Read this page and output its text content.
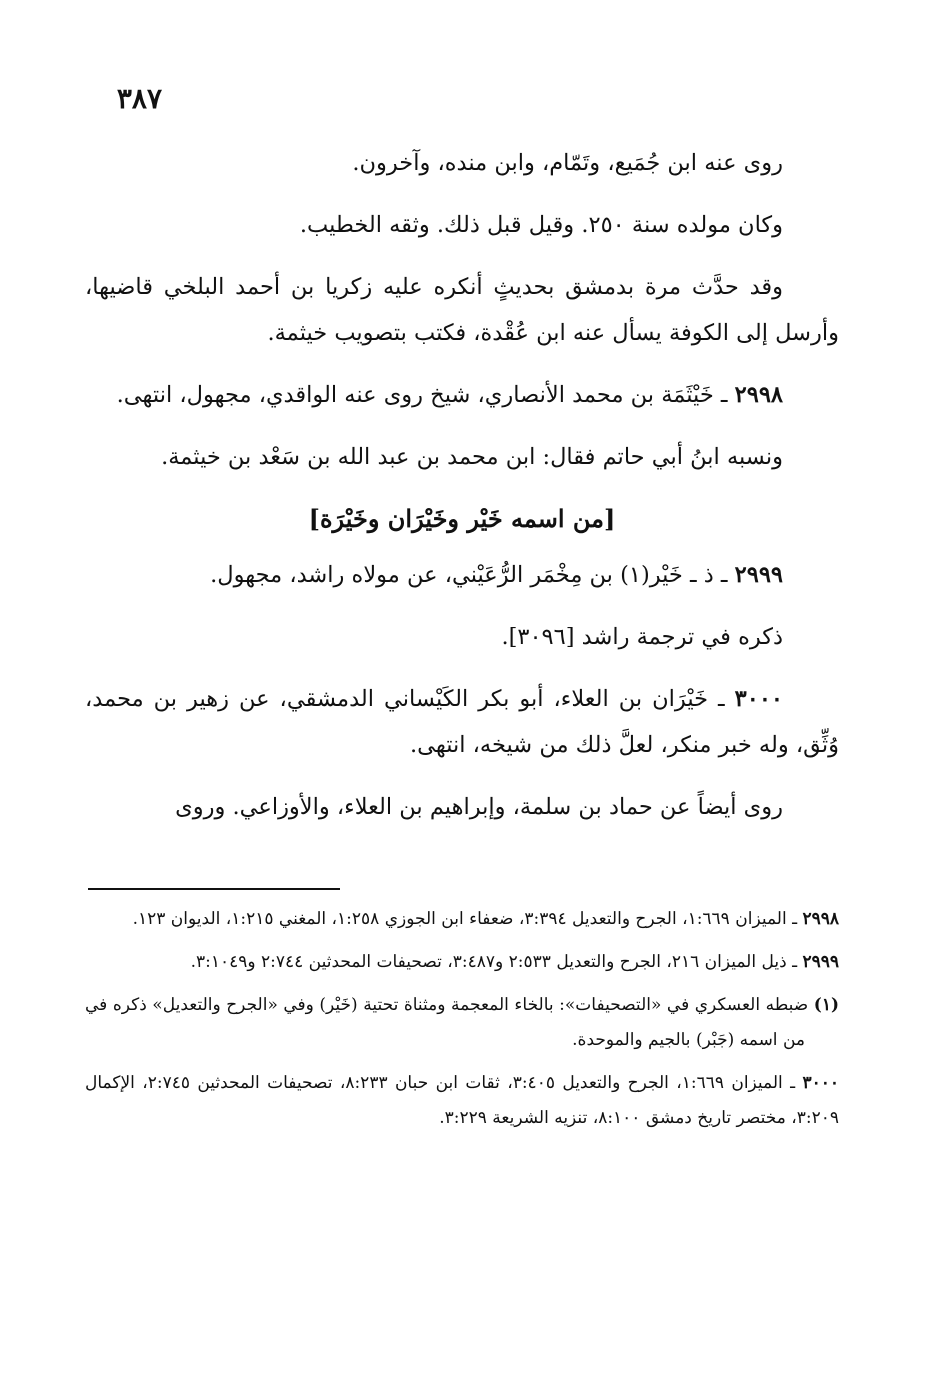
٣٨٧

روى عنه ابن جُمَيع، وتَمّام، وابن منده، وآخرون.

وكان مولده سنة ٢٥٠. وقيل قبل ذلك. وثقه الخطيب.

وقد حدَّث مرة بدمشق بحديثٍ أنكره عليه زكريا بن أحمد البلخي قاضيها، وأرسل إلى الكوفة يسأل عنه ابن عُقْدة، فكتب بتصويب خيثمة.

٢٩٩٨ ـ خَيْثَمَة بن محمد الأنصاري، شيخ روى عنه الواقدي، مجهول، انتهى.

ونسبه ابنُ أبي حاتم فقال: ابن محمد بن عبد الله بن سَعْد بن خيثمة.

[من اسمه خَيْر وخَيْرَان وخَيْرَة]

٢٩٩٩ ـ ذ ـ خَيْر(١) بن مِخْمَر الرُّعَيْني، عن مولاه راشد، مجهول.

ذكره في ترجمة راشد [٣٠٩٦].

٣٠٠٠ ـ خَيْرَان بن العلاء، أبو بكر الكَيْساني الدمشقي، عن زهير بن محمد، وُثِّق، وله خبر منكر، لعلَّ ذلك من شيخه، انتهى.

روى أيضاً عن حماد بن سلمة، وإبراهيم بن العلاء، والأوزاعي. وروى

٢٩٩٨ ـ الميزان ١:٦٦٩، الجرح والتعديل ٣:٣٩٤، ضعفاء ابن الجوزي ١:٢٥٨، المغني ١:٢١٥، الديوان ١٢٣.

٢٩٩٩ ـ ذيل الميزان ٢١٦، الجرح والتعديل ٢:٥٣٣ و٣:٤٨٧، تصحيفات المحدثين ٢:٧٤٤ و٣:١٠٤٩.

(١) ضبطه العسكري في «التصحيفات»: بالخاء المعجمة ومثناة تحتية (خَيْر) وفي «الجرح والتعديل» ذكره في من اسمه (جَبْر) بالجيم والموحدة.

٣٠٠٠ ـ الميزان ١:٦٦٩، الجرح والتعديل ٣:٤٠٥، ثقات ابن حبان ٨:٢٣٣، تصحيفات المحدثين ٢:٧٤٥، الإكمال ٣:٢٠٩، مختصر تاريخ دمشق ٨:١٠٠، تنزيه الشريعة ٣:٢٢٩.
